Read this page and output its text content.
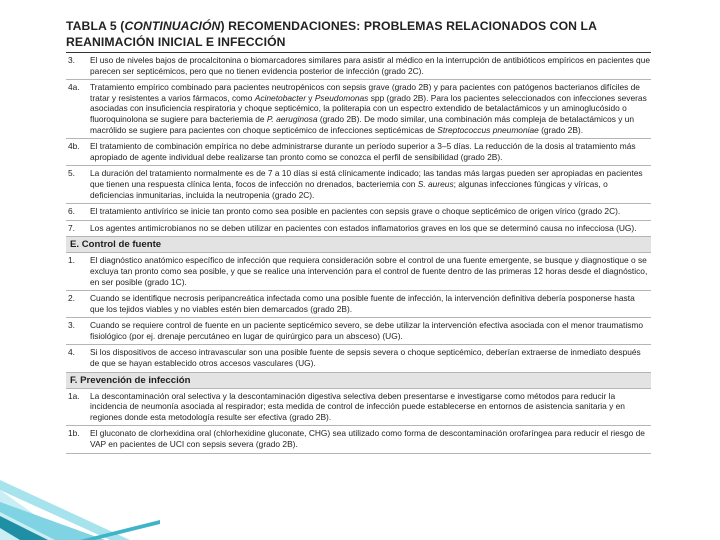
TABLA 5 (CONTINUACIÓN) RECOMENDACIONES: PROBLEMAS RELACIONADOS CON LA REANIMACIÓN INICIAL E INFECCIÓN
3.	El uso de niveles bajos de procalcitonina o biomarcadores similares para asistir al médico en la interrupción de antibióticos empíricos en pacientes que parecen ser septicémicos, pero que no tienen evidencia posterior de infección (grado 2C).
4a.	Tratamiento empírico combinado para pacientes neutropénicos con sepsis grave (grado 2B) y para pacientes con patógenos bacterianos difíciles de tratar y resistentes a varios fármacos, como Acinetobacter y Pseudomonas spp (grado 2B). Para los pacientes seleccionados con infecciones severas asociadas con insuficiencia respiratoria y choque septicémico, la politerapia con un espectro extendido de betalactámicos y un aminoglucósido o fluoroquinolona se sugiere para bacteriemia de P. aeruginosa (grado 2B). De modo similar, una combinación más compleja de betalactámicos y un macrólido se sugiere para pacientes con choque septicémico de infecciones septicémicas de Streptococcus pneumoniae (grado 2B).
4b.	El tratamiento de combinación empírica no debe administrarse durante un período superior a 3–5 días. La reducción de la dosis al tratamiento más apropiado de agente individual debe realizarse tan pronto como se conozca el perfil de sensibilidad (grado 2B).
5.	La duración del tratamiento normalmente es de 7 a 10 días si está clínicamente indicado; las tandas más largas pueden ser apropiadas en pacientes que tienen una respuesta clínica lenta, focos de infección no drenados, bacteriemia con S. aureus; algunas infecciones fúngicas y víricas, o deficiencias inmunitarias, incluida la neutropenia (grado 2C).
6.	El tratamiento antivírico se inicie tan pronto como sea posible en pacientes con sepsis grave o choque septicémico de origen vírico (grado 2C).
7.	Los agentes antimicrobianos no se deben utilizar en pacientes con estados inflamatorios graves en los que se determinó causa no infecciosa (UG).
E. Control de fuente
1.	El diagnóstico anatómico específico de infección que requiera consideración sobre el control de una fuente emergente, se busque y diagnostique o se excluya tan pronto como sea posible, y que se realice una intervención para el control de fuente dentro de las primeras 12 horas desde el diagnóstico, en ser posible (grado 1C).
2.	Cuando se identifique necrosis peripancreática infectada como una posible fuente de infección, la intervención definitiva debería posponerse hasta que los tejidos viables y no viables estén bien demarcados (grado 2B).
3.	Cuando se requiere control de fuente en un paciente septicémico severo, se debe utilizar la intervención efectiva asociada con el menor traumatismo fisiológico (por ej. drenaje percutáneo en lugar de quirúrgico para un absceso) (UG).
4.	Si los dispositivos de acceso intravascular son una posible fuente de sepsis severa o choque septicémico, deberían extraerse de inmediato después de que se hayan establecido otros accesos vasculares (UG).
F. Prevención de infección
1a.	La descontaminación oral selectiva y la descontaminación digestiva selectiva deben presentarse e investigarse como métodos para reducir la incidencia de neumonía asociada al respirador; esta medida de control de infección puede establecerse en entornos de asistencia sanitaria y en regiones donde esta metodología resulte ser efectiva (grado 2B).
1b.	El gluconato de clorhexidina oral (chlorhexidine gluconate, CHG) sea utilizado como forma de descontaminación orofaríngea para reducir el riesgo de VAP en pacientes de UCI con sepsis severa (grado 2B).
